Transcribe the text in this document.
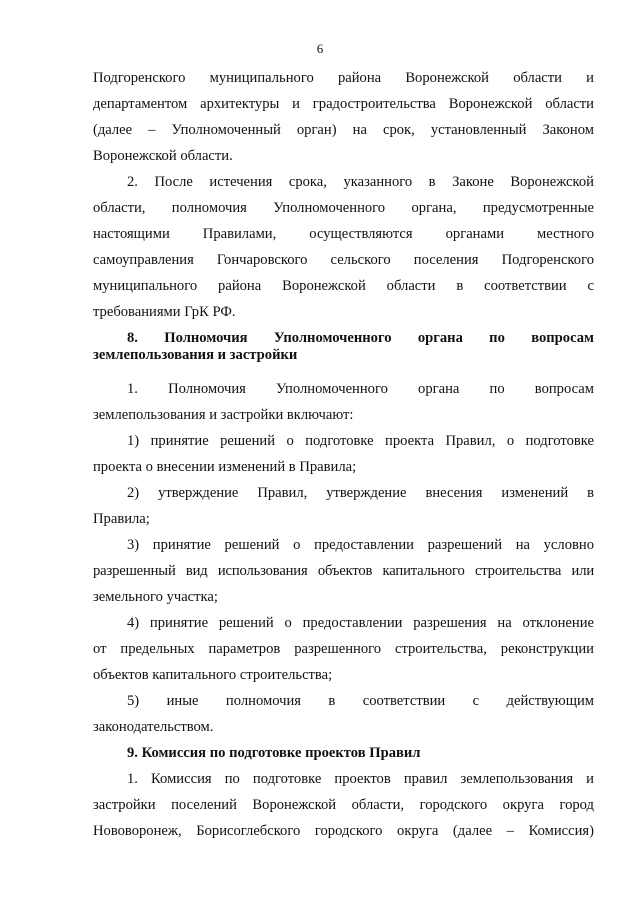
6
Подгоренского муниципального района Воронежской области и
департаментом архитектуры и градостроительства Воронежской области
(далее – Уполномоченный орган) на срок, установленный Законом
Воронежской области.
2. После истечения срока, указанного в Законе Воронежской
области, полномочия Уполномоченного органа, предусмотренные
настоящими Правилами, осуществляются органами местного
самоуправления Гончаровского сельского поселения Подгоренского
муниципального района Воронежской области в соответствии с
требованиями ГрК РФ.
8. Полномочия Уполномоченного органа по вопросам
землепользования и застройки
1. Полномочия Уполномоченного органа по вопросам
землепользования и застройки включают:
1) принятие решений о подготовке проекта Правил, о подготовке
проекта о внесении изменений в Правила;
2) утверждение Правил, утверждение внесения изменений в
Правила;
3) принятие решений о предоставлении разрешений на условно
разрешенный вид использования объектов капитального строительства или
земельного участка;
4) принятие решений о предоставлении разрешения на отклонение
от предельных параметров разрешенного строительства, реконструкции
объектов капитального строительства;
5) иные полномочия в соответствии с действующим
законодательством.
9. Комиссия по подготовке проектов Правил
1. Комиссия по подготовке проектов правил землепользования и
застройки поселений Воронежской области, городского округа город
Нововоронеж, Борисоглебского городского округа (далее – Комиссия)
